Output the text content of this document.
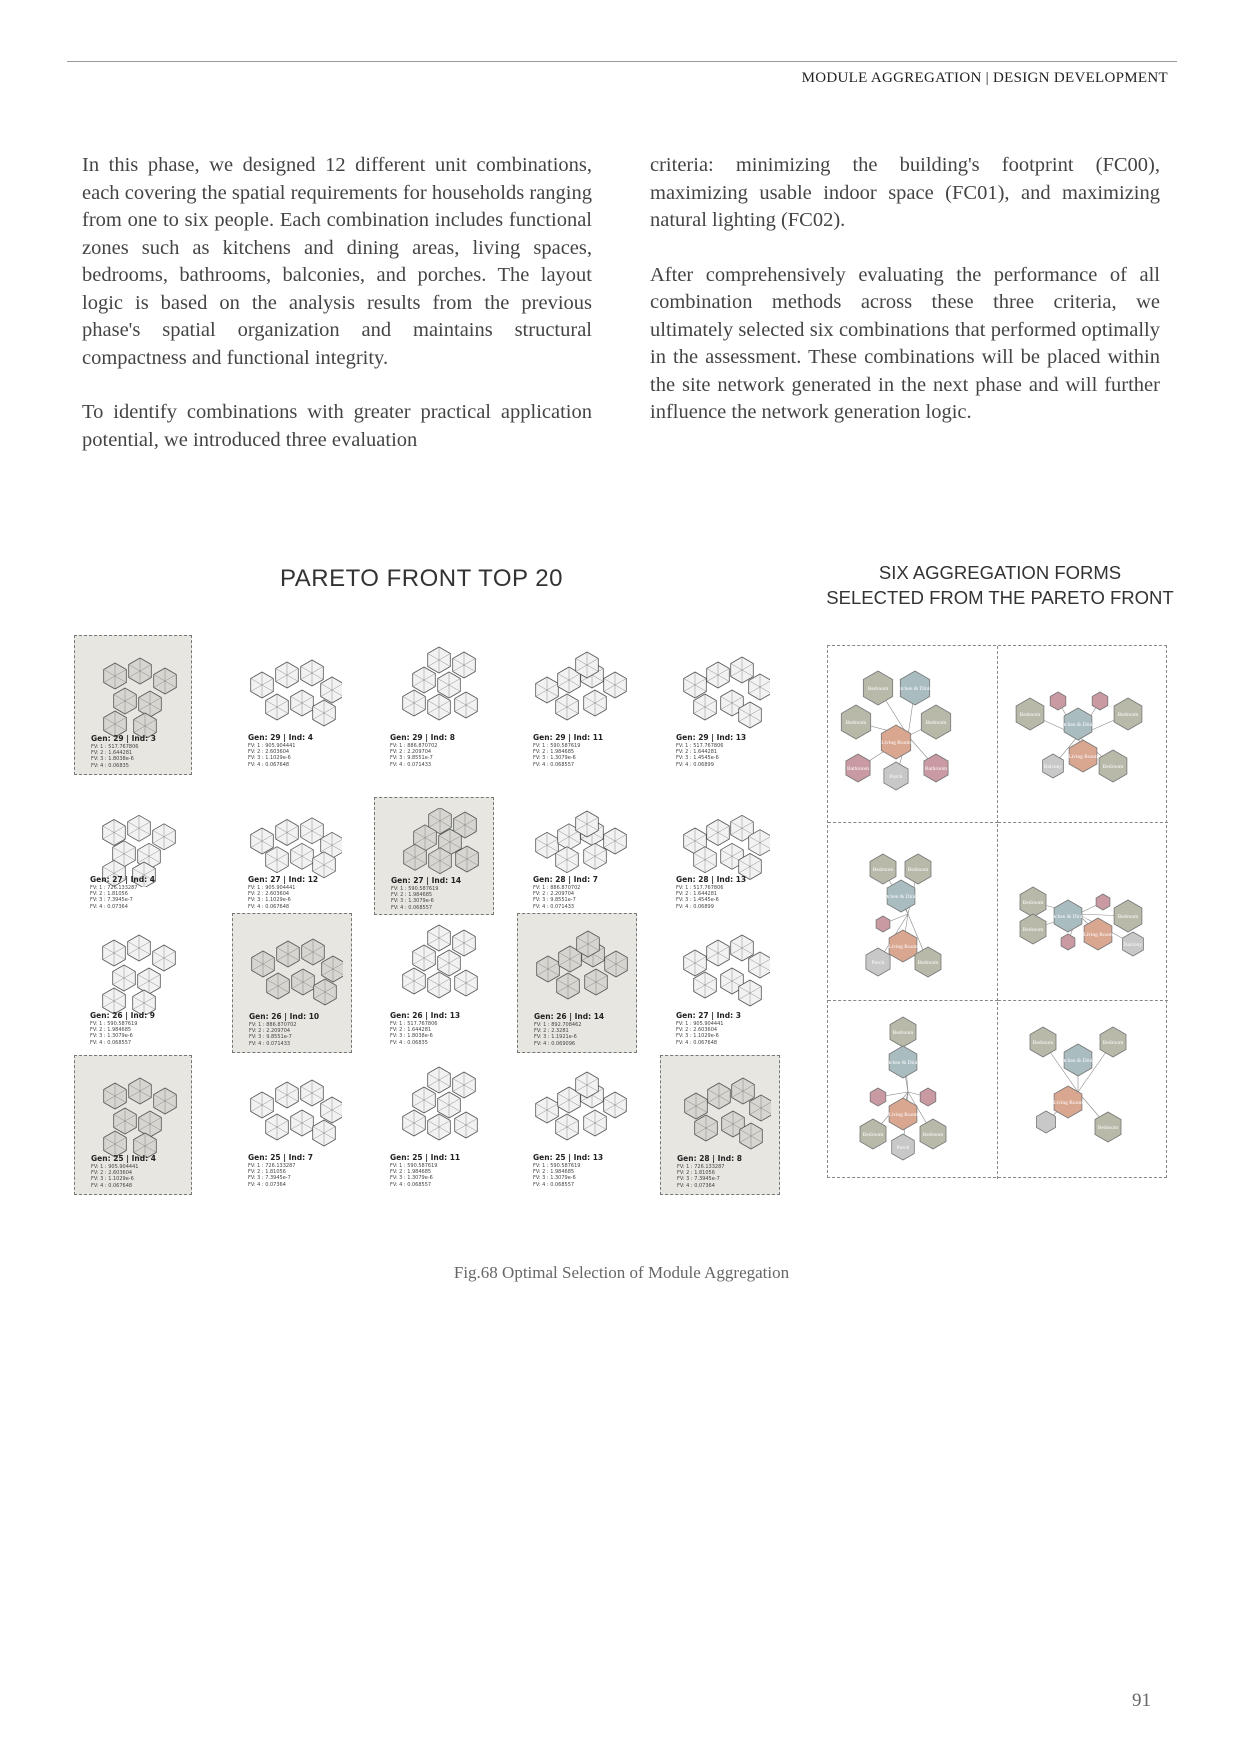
MODULE AGGREGATION | DESIGN DEVELOPMENT

In this phase, we designed 12 different unit combinations, each covering the spatial requirements for households ranging from one to six people. Each combination includes functional zones such as kitchens and dining areas, living spaces, bedrooms, bathrooms, balconies, and porches. The layout logic is based on the analysis results from the previous phase's spatial organization and maintains structural compactness and functional integrity.

To identify combinations with greater practical application potential, we introduced three evaluation

criteria: minimizing the building's footprint (FC00), maximizing usable indoor space (FC01), and maximizing natural lighting (FC02).

After comprehensively evaluating the performance of all combination methods across these three criteria, we ultimately selected six combinations that performed optimally in the assessment. These combinations will be placed within the site network generated in the next phase and will further influence the network generation logic.

PARETO FRONT TOP 20	SIX AGGREGATION FORMS
SELECTED FROM THE PARETO FRONT
Gen: 29 | Ind: 3
FV: 1 : 517.767806
FV: 2 : 1.644281
FV: 3 : 1.8038e-6
FV: 4 : 0.06835
Gen: 29 | Ind: 4
FV: 1 : 905.904441
FV: 2 : 2.603604
FV: 3 : 1.1029e-6
FV: 4 : 0.067648
Gen: 29 | Ind: 8
FV: 1 : 886.870702
FV: 2 : 2.209704
FV: 3 : 9.8551e-7
FV: 4 : 0.071433
Gen: 29 | Ind: 11
FV: 1 : 590.587619
FV: 2 : 1.984685
FV: 3 : 1.3079e-6
FV: 4 : 0.068557
Gen: 29 | Ind: 13
FV: 1 : 517.767806
FV: 2 : 1.644281
FV: 3 : 1.4545e-6
FV: 4 : 0.06899
Gen: 27 | Ind: 4
FV: 1 : 726.133287
FV: 2 : 1.81056
FV: 3 : 7.3945e-7
FV: 4 : 0.07364
Gen: 27 | Ind: 12
FV: 1 : 905.904441
FV: 2 : 2.603604
FV: 3 : 1.1029e-6
FV: 4 : 0.067648
Gen: 27 | Ind: 14
FV: 1 : 590.587619
FV: 2 : 1.984685
FV: 3 : 1.3079e-6
FV: 4 : 0.068557
Gen: 28 | Ind: 7
FV: 1 : 886.870702
FV: 2 : 2.209704
FV: 3 : 9.8551e-7
FV: 4 : 0.071433
Gen: 28 | Ind: 13
FV: 1 : 517.767806
FV: 2 : 1.644281
FV: 3 : 1.4545e-6
FV: 4 : 0.06899
Gen: 26 | Ind: 9
FV: 1 : 590.587619
FV: 2 : 1.984685
FV: 3 : 1.3079e-6
FV: 4 : 0.068557
Gen: 26 | Ind: 10
FV: 1 : 886.870702
FV: 2 : 2.209704
FV: 3 : 9.8551e-7
FV: 4 : 0.071433
Gen: 26 | Ind: 13
FV: 1 : 517.767806
FV: 2 : 1.644281
FV: 3 : 1.8038e-6
FV: 4 : 0.06835
Gen: 26 | Ind: 14
FV: 1 : 892.708462
FV: 2 : 2.3281
FV: 3 : 1.1921e-6
FV: 4 : 0.069096
Gen: 27 | Ind: 3
FV: 1 : 905.904441
FV: 2 : 2.603604
FV: 3 : 1.1029e-6
FV: 4 : 0.067648
Gen: 25 | Ind: 4
FV: 1 : 905.904441
FV: 2 : 2.603604
FV: 3 : 1.1029e-6
FV: 4 : 0.067648
Gen: 25 | Ind: 7
FV: 1 : 726.133287
FV: 2 : 1.81056
FV: 3 : 7.3945e-7
FV: 4 : 0.07364
Gen: 25 | Ind: 11
FV: 1 : 590.587619
FV: 2 : 1.984685
FV: 3 : 1.3079e-6
FV: 4 : 0.068557
Gen: 25 | Ind: 13
FV: 1 : 590.587619
FV: 2 : 1.984685
FV: 3 : 1.3079e-6
FV: 4 : 0.068557
Gen: 28 | Ind: 8
FV: 1 : 726.133287
FV: 2 : 1.81056
FV: 3 : 7.3945e-7
FV: 4 : 0.07364
Bedroom Kitchen & Dining
Bedroom	Bedroom
Living Room
Bathroom
Porch
Bathroom
Bedroom
Kitchen & Dining
Bedroom
Living Room
Balcony	Bedroom
Bedroom	Bedroom
Kitchen & Dining
Living Room
Porch	Bedroom
Bedroom
Kitchen & Dining	Bedroom
Bedroom
Living Room
Balcony
Bedroom
Kitchen & Dining
Living Room
Bedroom
Porch
Bedroom
Bedroom	Bedroom
Kitchen & Dining
Living Room
Bedroom
Fig.68 Optimal Selection of Module Aggregation
91
